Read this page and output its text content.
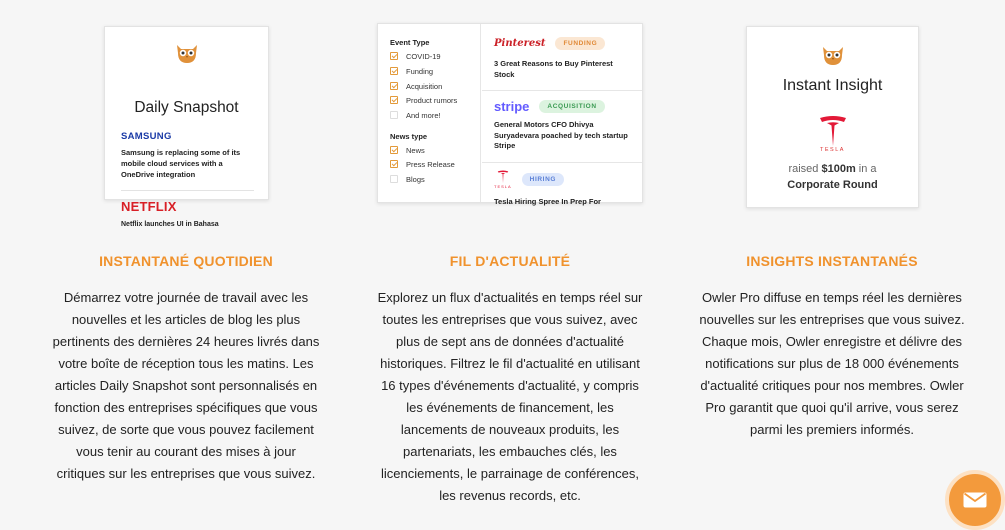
Daily Snapshot
SAMSUNG
Samsung is replacing some of its mobile cloud services with a OneDrive integration
NETFLIX
Netflix launches UI in Bahasa
Event Type
COVID-19
Funding
Acquisition
Product rumors
And more!
News type
News
Press Release
Blogs
Pinterest	FUNDING
3 Great Reasons to Buy Pinterest Stock
stripe	ACQUISITION
General Motors CFO Dhivya Suryadevara poached by tech startup Stripe
TESLA
HIRING
Tesla Hiring Spree In Prep For
Instant Insight
TESLA
raised $100m in a
Corporate Round
INSTANTANÉ QUOTIDIEN	FIL D'ACTUALITÉ	INSIGHTS INSTANTANÉS
Démarrez votre journée de travail avec les
nouvelles et les articles de blog les plus
pertinents des dernières 24 heures livrés dans
votre boîte de réception tous les matins. Les
articles Daily Snapshot sont personnalisés en
fonction des entreprises spécifiques que vous
suivez, de sorte que vous pouvez facilement
vous tenir au courant des mises à jour
critiques sur les entreprises que vous suivez.
Explorez un flux d'actualités en temps réel sur
toutes les entreprises que vous suivez, avec
plus de sept ans de données d'actualité
historiques. Filtrez le fil d'actualité en utilisant
16 types d'événements d'actualité, y compris
les événements de financement, les
lancements de nouveaux produits, les
partenariats, les embauches clés, les
licenciements, le parrainage de conférences,
les revenus records, etc.
Owler Pro diffuse en temps réel les dernières
nouvelles sur les entreprises que vous suivez.
Chaque mois, Owler enregistre et délivre des
notifications sur plus de 18 000 événements
d'actualité critiques pour nos membres. Owler
Pro garantit que quoi qu'il arrive, vous serez
parmi les premiers informés.
